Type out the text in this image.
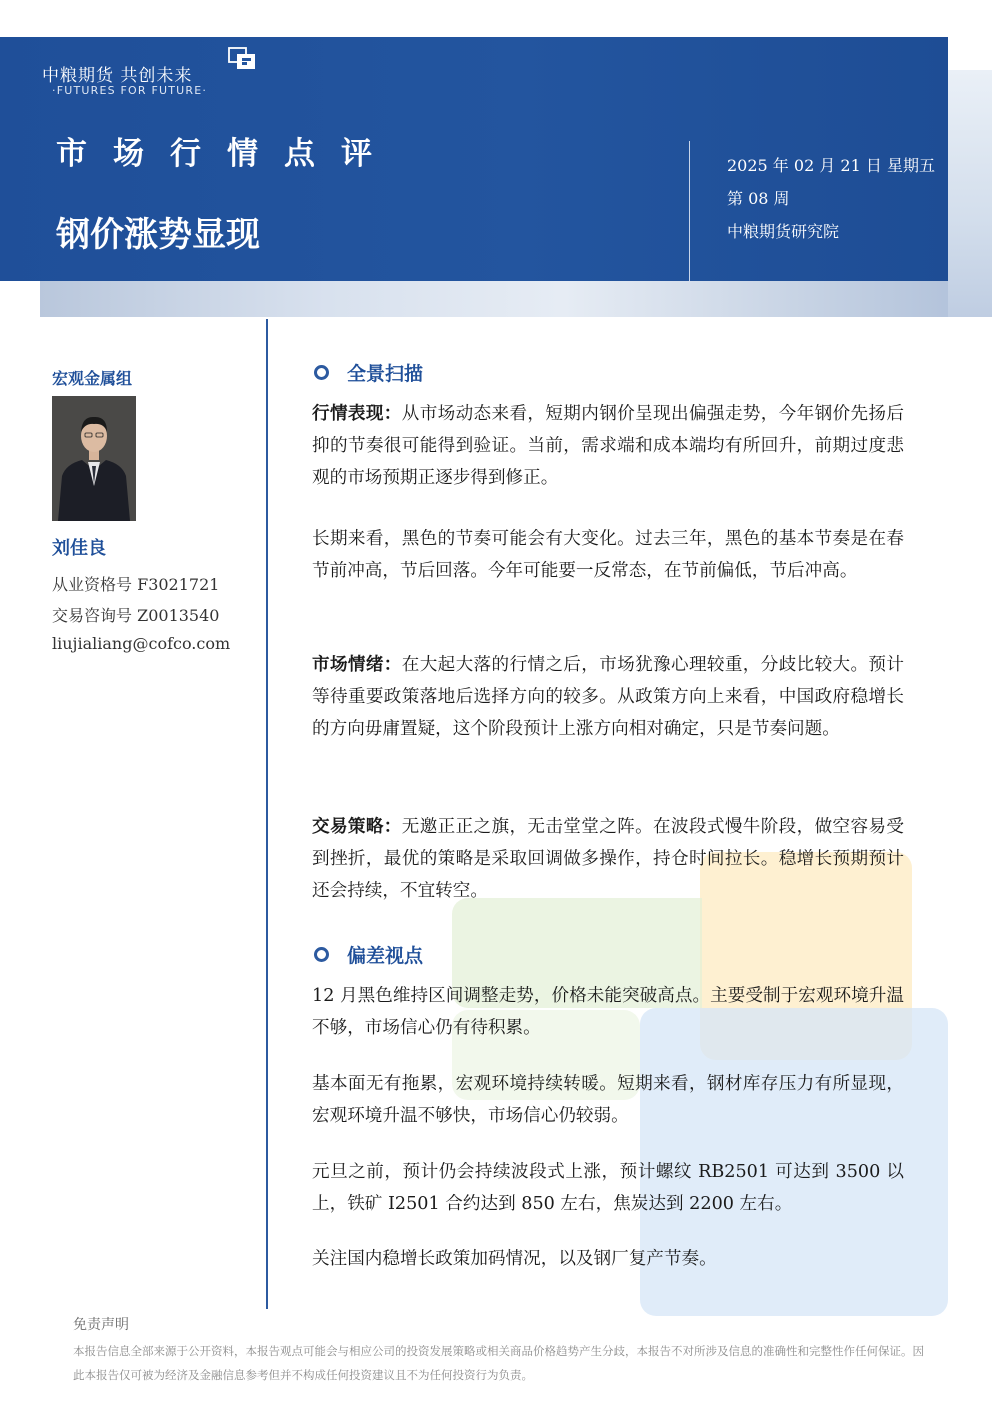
中粮期货 共创未来
·FUTURES FOR FUTURE·
市场行情点评
钢价涨势显现
2025 年 02 月 21 日 星期五
第 08 周
中粮期货研究院
宏观金属组
刘佳良
从业资格号 F3021721
交易咨询号 Z0013540
liujialiang@cofco.com
全景扫描

行情表现：从市场动态来看，短期内钢价呈现出偏强走势，今年钢价先扬后抑的节奏很可能得到验证。当前，需求端和成本端均有所回升，前期过度悲观的市场预期正逐步得到修正。

长期来看，黑色的节奏可能会有大变化。过去三年，黑色的基本节奏是在春节前冲高，节后回落。今年可能要一反常态，在节前偏低，节后冲高。

市场情绪：在大起大落的行情之后，市场犹豫心理较重，分歧比较大。预计等待重要政策落地后选择方向的较多。从政策方向上来看，中国政府稳增长的方向毋庸置疑，这个阶段预计上涨方向相对确定，只是节奏问题。

交易策略：无邀正正之旗，无击堂堂之阵。在波段式慢牛阶段，做空容易受到挫折，最优的策略是采取回调做多操作，持仓时间拉长。稳增长预期预计还会持续，不宜转空。

偏差视点

12 月黑色维持区间调整走势，价格未能突破高点。主要受制于宏观环境升温不够，市场信心仍有待积累。

基本面无有拖累，宏观环境持续转暖。短期来看，钢材库存压力有所显现，宏观环境升温不够快，市场信心仍较弱。

元旦之前，预计仍会持续波段式上涨，预计螺纹 RB2501 可达到 3500 以上，铁矿 I2501 合约达到 850 左右，焦炭达到 2200 左右。

关注国内稳增长政策加码情况，以及钢厂复产节奏。

免责声明

本报告信息全部来源于公开资料，本报告观点可能会与相应公司的投资发展策略或相关商品价格趋势产生分歧，本报告不对所涉及信息的准确性和完整性作任何保证。因此本报告仅可被为经济及金融信息参考但并不构成任何投资建议且不为任何投资行为负责。
